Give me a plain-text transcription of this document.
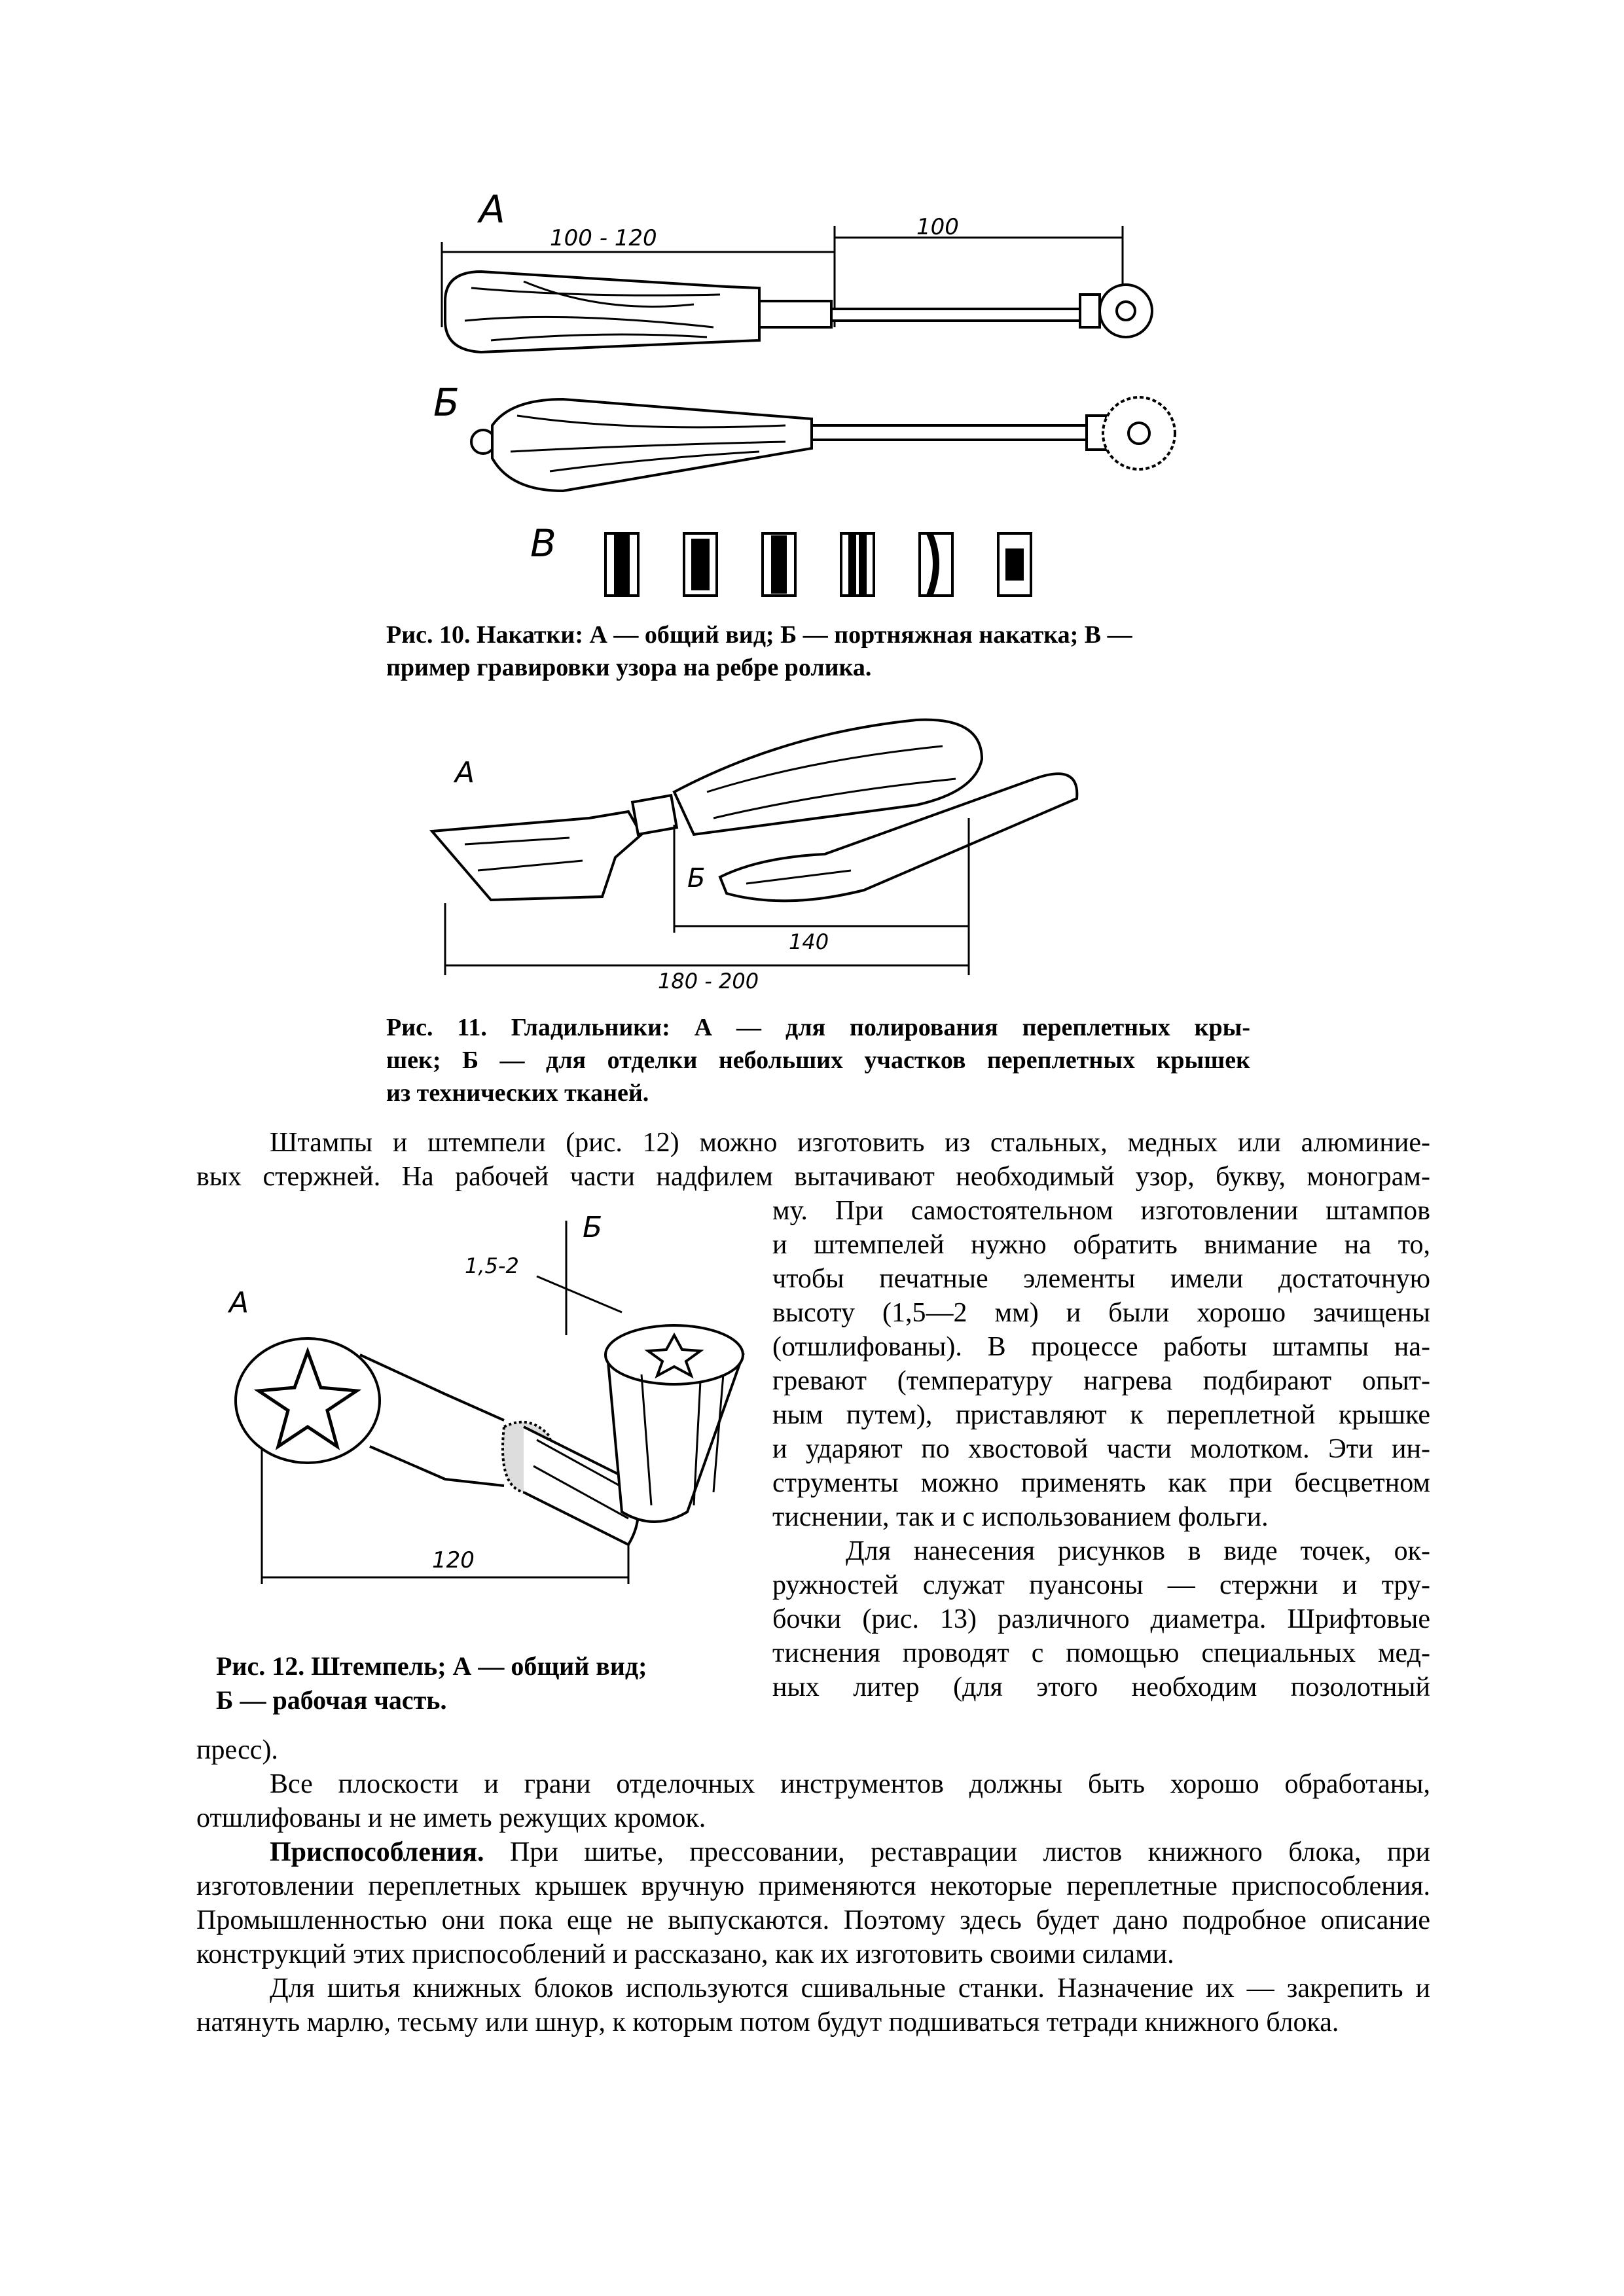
А
Б
В
100 - 120	100
Рис. 10. Накатки: А — общий вид; Б — портняжная накатка; В —
пример гравировки узора на ребре ролика.
А
Б
140
180 - 200
Рис. 11. Гладильники: А — для полирования переплетных кры-
шек; Б — для отделки небольших участков переплетных крышек
из технических тканей.
Штампы и штемпели (рис. 12) можно изготовить из стальных, медных или алюминие-
вых стержней. На рабочей части надфилем вытачивают необходимый узор, букву, монограм-
А
Б
1,5-2
120
Рис. 12. Штемпель; А — общий вид;
Б — рабочая часть.
му. При самостоятельном изготовлении штампов
и штемпелей нужно обратить внимание на то,
чтобы печатные элементы имели достаточную
высоту (1,5—2 мм) и были хорошо зачищены
(отшлифованы). В процессе работы штампы на-
гревают (температуру нагрева подбирают опыт-
ным путем), приставляют к переплетной крышке
и ударяют по хвостовой части молотком. Эти ин-
струменты можно применять как при бесцветном
тиснении, так и с использованием фольги.
Для нанесения рисунков в виде точек, ок-
ружностей служат пуансоны — стержни и тру-
бочки (рис. 13) различного диаметра. Шрифтовые
тиснения проводят с помощью специальных мед-
ных литер (для этого необходим позолотный
пресс).

Все плоскости и грани отделочных инструментов должны быть хорошо обработаны, отшлифованы и не иметь режущих кромок.

Приспособления. При шитье, прессовании, реставрации листов книжного блока, при изготовлении переплетных крышек вручную применяются некоторые переплетные приспособления. Промышленностью они пока еще не выпускаются. Поэтому здесь будет дано подробное описание конструкций этих приспособлений и рассказано, как их изготовить своими силами.

Для шитья книжных блоков используются сшивальные станки. Назначение их — закрепить и натянуть марлю, тесьму или шнур, к которым потом будут подшиваться тетради книжного блока.
